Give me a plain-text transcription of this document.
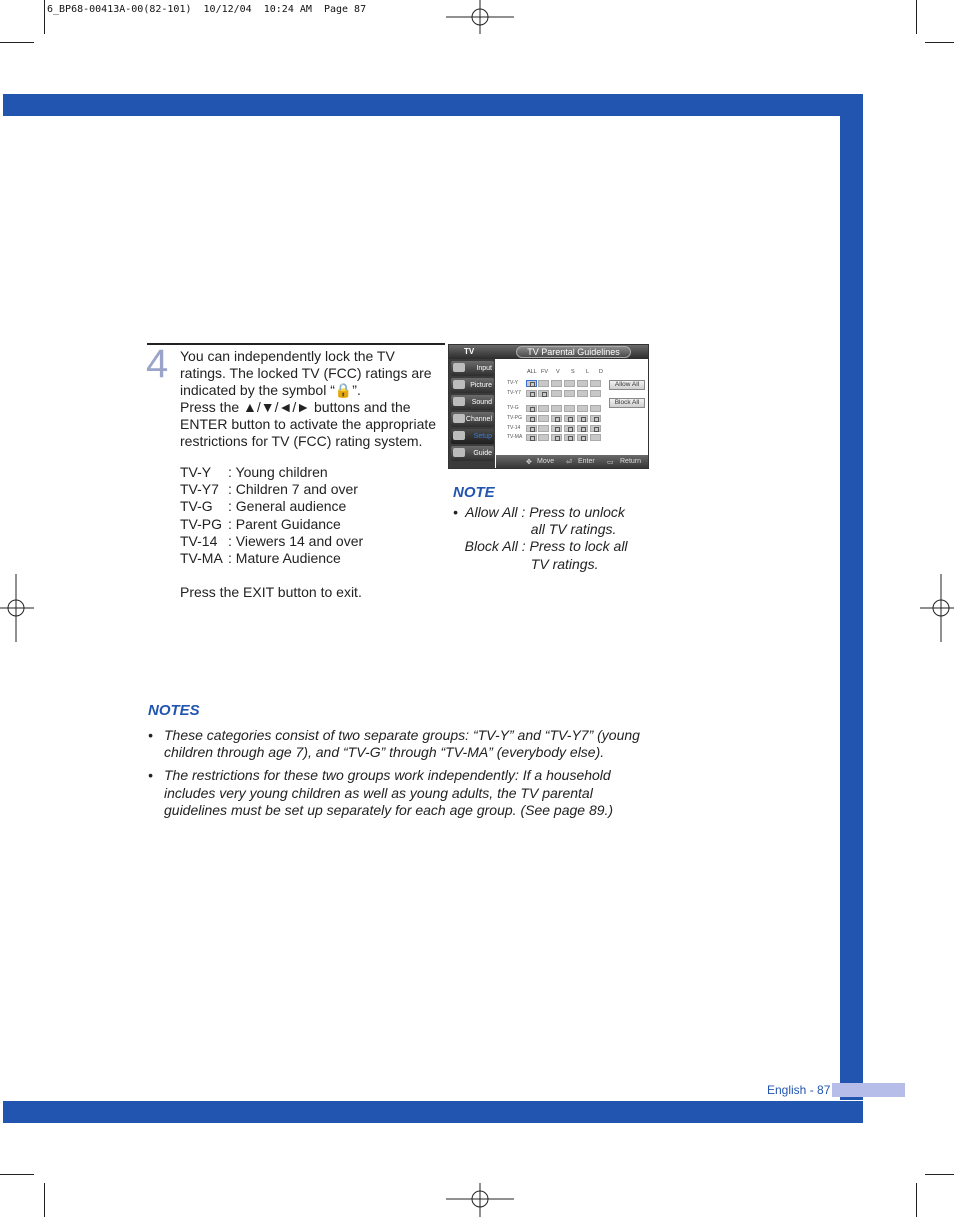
6_BP68-00413A-00(82-101)  10/12/04  10:24 AM  Page 87
English - 87
4 You can independently lock the TV ratings. The locked TV (FCC) ratings are indicated by the symbol “🔒”.

Press the ▲/▼/◄/► buttons and the ENTER button to activate the appropriate restrictions for TV (FCC) rating system.

TV-Y	: Young children
TV-Y7 : Children 7 and over
TV-G	: General audience
TV-PG : Parent Guidance
TV-14 : Viewers 14 and over
TV-MA : Mature Audience
Press the EXIT button to exit.
TV	TV Parental Guidelines
Input
Picture
Sound
Channel
Setup
Guide
ALL FV V S L D
TV-Y
TV-Y7
TV-G
TV-PG
TV-14
TV-MA
Allow All
Block All
✥ Move ⏎ Enter ▭ Return
NOTE
•  Allow All : Press to unlock
all TV ratings.
Block All : Press to lock all
TV ratings.
NOTES
• These categories consist of two separate groups: “TV-Y” and “TV-Y7” (young children through age 7), and “TV-G” through “TV-MA” (everybody else).
• The restrictions for these two groups work independently: If a household includes very young children as well as young adults, the TV parental guidelines must be set up separately for each age group. (See page 89.)
